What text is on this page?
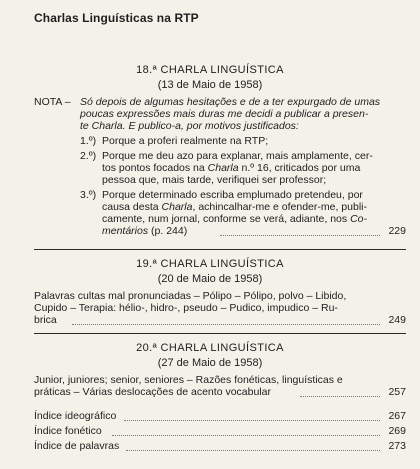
Charlas Linguísticas na RTP
18.ª CHARLA LINGUÍSTICA
(13 de Maio de 1958)
NOTA – Só depois de algumas hesitações e de a ter expurgado de umas
poucas expressões mais duras me decidi a publicar a presen-
te Charla. E publico-a, por motivos justificados:
1.º) Porque a proferi realmente na RTP;
2.º) Porque me deu azo para explanar, mais amplamente, cer-
tos pontos focados na Charla n.º 16, criticados por uma
pessoa que, mais tarde, verifiquei ser professor;
3.º) Porque determinado escriba emplumado pretendeu, por
causa desta Charla, achincalhar-me e ofender-me, publi-
camente, num jornal, conforme se verá, adiante, nos Co-
mentários (p. 244)	229
19.ª CHARLA LINGUÍSTICA
(20 de Maio de 1958)
Palavras cultas mal pronunciadas – Pólipo – Pólipo, polvo – Libido,
Cupido – Terapia: hélio-, hidro-, pseudo – Pudico, impudico – Ru-
brica	249
20.ª CHARLA LINGUÍSTICA
(27 de Maio de 1958)
Junior, juniores; senior, seniores – Razões fonéticas, linguísticas e
práticas – Várias deslocações de acento vocabular	257
Índice ideográfico	267
Índice fonético	269
Índice de palavras	273
